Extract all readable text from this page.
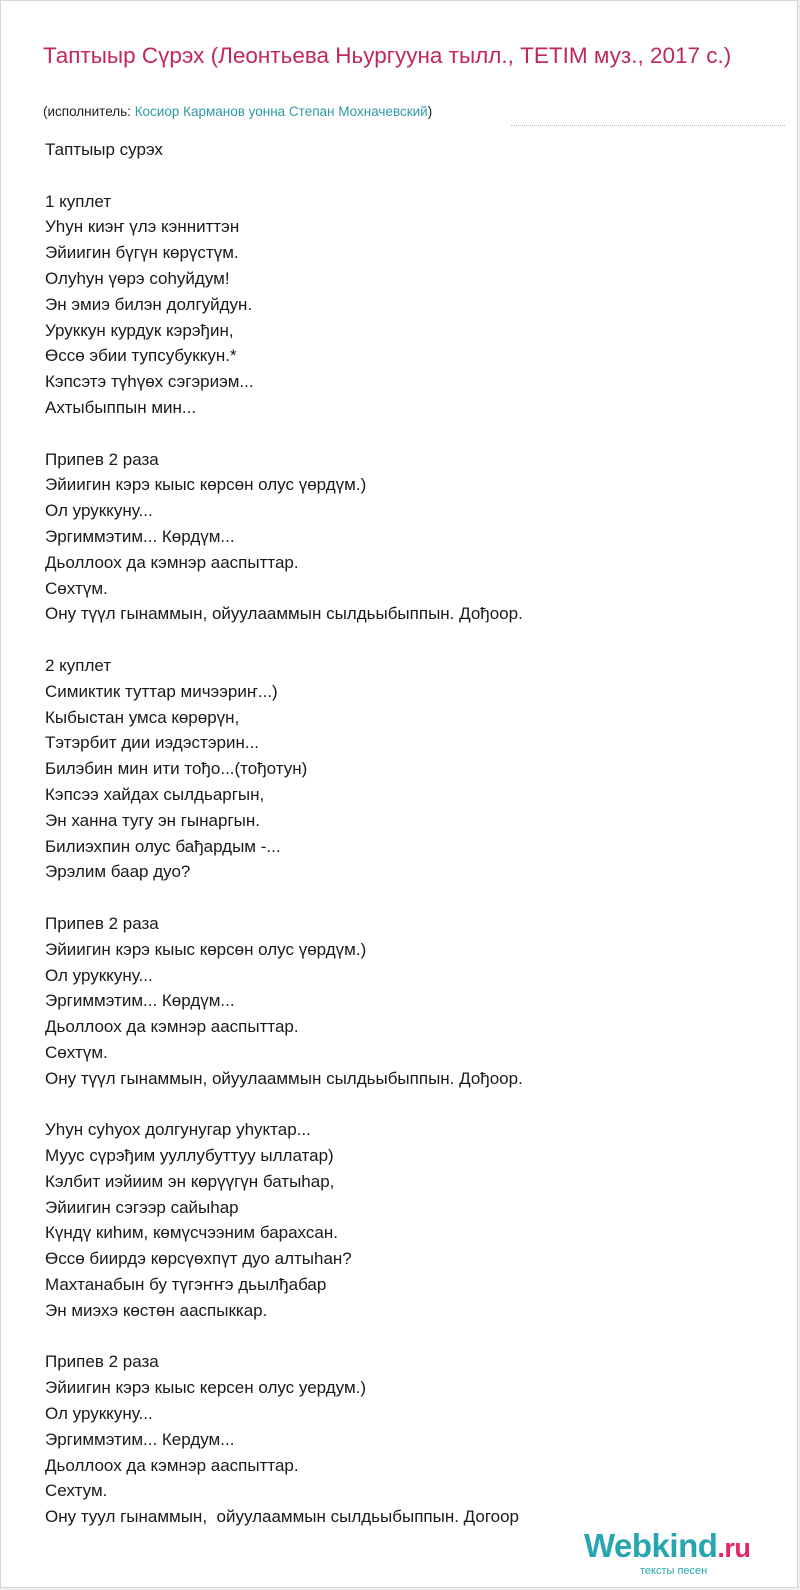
Таптыыр Сүрэх (Леонтьева Ньургууна тылл., TETIM муз., 2017 с.)
(исполнитель: Косиор Карманов уонна Степан Мохначевский)
Таптыыр сурэх

1 куплет
Уһун киэҥ үлэ кэнниттэн
Эйиигин бүгүн көрүстүм.
Олуһун үөрэ соһуйдум!
Эн эмиэ билэн долгуйдун.
Уруккун курдук кэрэђин,
Өссө эбии тупсубуккун.*
Кэпсэтэ түһүөх сэгэриэм...
Ахтыбыппын мин...

Припев 2 раза
Эйиигин кэрэ кыыс көрсөн олус үөрдүм.)
Ол уруккуну...
Эргиммэтим... Көрдүм...
Дьоллоох да кэмнэр ааспыттар.
Сөхтүм.
Ону түүл гынаммын, ойуулааммын сылдьыбыппын. Дођоор.

2 куплет
Симиктик туттар мичээриҥ...)
Кыбыстан умса көрөрүн,
Тэтэрбит дии иэдэстэрин...
Билэбин мин ити тођо...(тођотун)
Кэпсээ хайдах сылдьаргын,
Эн ханна тугу эн гынаргын.
Билиэхпин олус бађардым -...
Эрэлим баар дуо?

Припев 2 раза
Эйиигин кэрэ кыыс көрсөн олус үөрдүм.)
Ол уруккуну...
Эргиммэтим... Көрдүм...
Дьоллоох да кэмнэр ааспыттар.
Сөхтүм.
Ону түүл гынаммын, ойуулааммын сылдьыбыппын. Дођоор.

Уһун суһуох долгунугар уһуктар...
Муус сүрэђим ууллубуттуу ыллатар)
Кэлбит иэйиим эн көрүүгүн батыһар,
Эйиигин сэгээр сайыһар
Күндү киһим, көмүсчээним барахсан.
Өссө биирдэ көрсүөхпүт дуо алтыһан?
Махтанабын бу түгэҥҥэ дьылђабар
Эн миэхэ көстөн ааспыккар.

Припев 2 раза
Эйиигин кэрэ кыыс керсен олус уердум.)
Ол уруккуну...
Эргиммэтим... Кердум...
Дьоллоох да кэмнэр ааспыттар.
Сехтум.
Ону туул гынаммын,  ойуулааммын сылдьыбыппын. Догоор
Webkind.ru
тексты песен
